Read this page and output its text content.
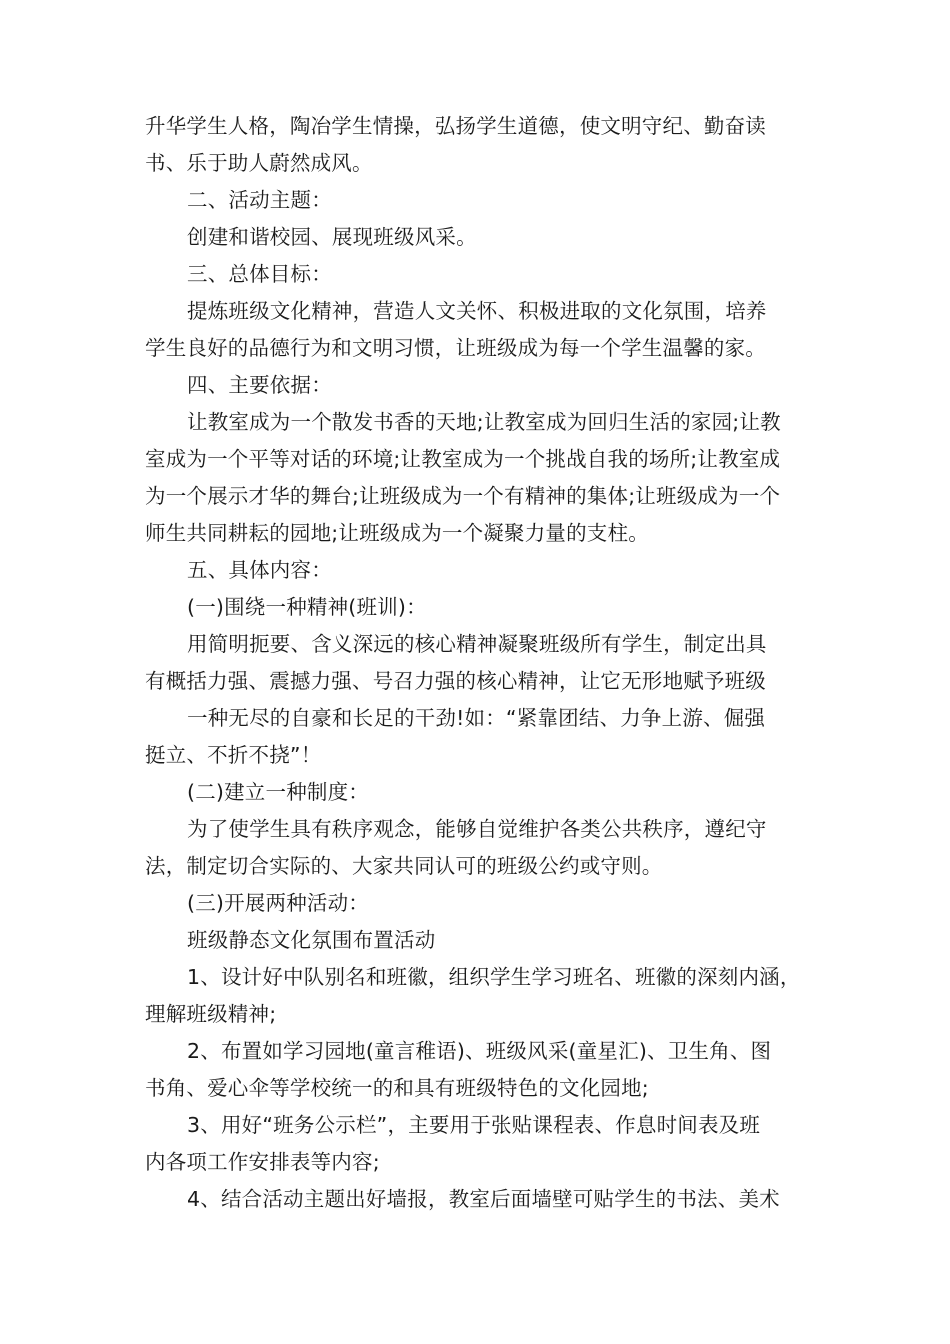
升华学生人格，陶冶学生情操，弘扬学生道德，使文明守纪、勤奋读
书、乐于助人蔚然成风。
二、活动主题：
创建和谐校园、展现班级风采。
三、总体目标：
提炼班级文化精神，营造人文关怀、积极进取的文化氛围，培养
学生良好的品德行为和文明习惯，让班级成为每一个学生温馨的家。
四、主要依据：
让教室成为一个散发书香的天地;让教室成为回归生活的家园;让教
室成为一个平等对话的环境;让教室成为一个挑战自我的场所;让教室成
为一个展示才华的舞台;让班级成为一个有精神的集体;让班级成为一个
师生共同耕耘的园地;让班级成为一个凝聚力量的支柱。
五、具体内容：
(一)围绕一种精神(班训)：
用简明扼要、含义深远的核心精神凝聚班级所有学生，制定出具
有概括力强、震撼力强、号召力强的核心精神，让它无形地赋予班级
一种无尽的自豪和长足的干劲!如：“紧靠团结、力争上游、倔强
挺立、不折不挠”！
(二)建立一种制度：
为了使学生具有秩序观念，能够自觉维护各类公共秩序，遵纪守
法，制定切合实际的、大家共同认可的班级公约或守则。
(三)开展两种活动：
班级静态文化氛围布置活动
1、设计好中队别名和班徽，组织学生学习班名、班徽的深刻内涵，
理解班级精神;
2、布置如学习园地(童言稚语)、班级风采(童星汇)、卫生角、图
书角、爱心伞等学校统一的和具有班级特色的文化园地;
3、用好“班务公示栏”，主要用于张贴课程表、作息时间表及班
内各项工作安排表等内容;
4、结合活动主题出好墙报，教室后面墙壁可贴学生的书法、美术
